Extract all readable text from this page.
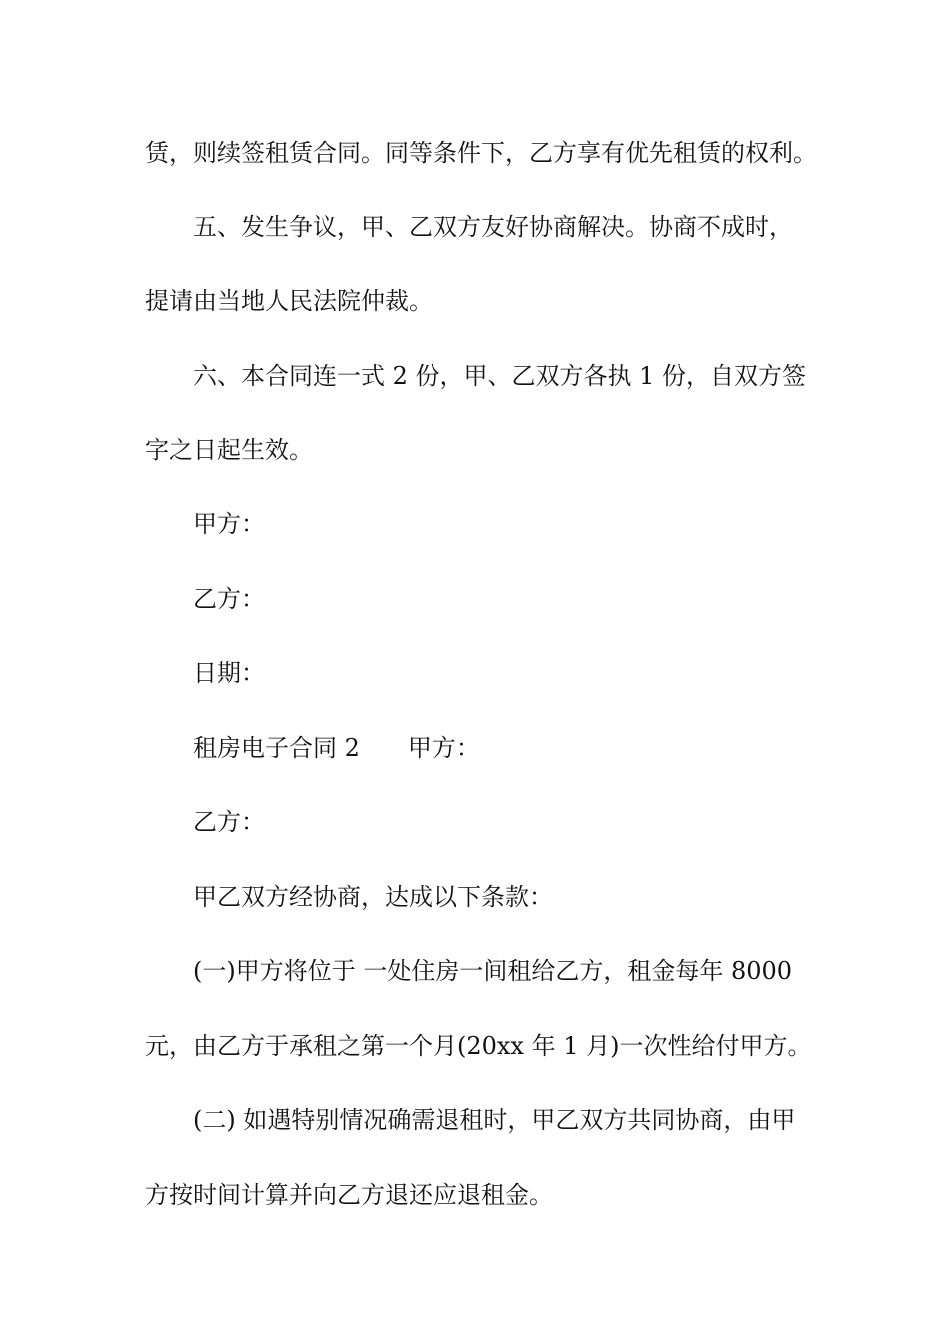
赁，则续签租赁合同。同等条件下，乙方享有优先租赁的权利。
五、发生争议，甲、乙双方友好协商解决。协商不成时，
提请由当地人民法院仲裁。
六、本合同连一式 2 份，甲、乙双方各执 1 份，自双方签
字之日起生效。
甲方：
乙方：
日期：
租房电子合同 2 甲方：
乙方：
甲乙双方经协商，达成以下条款：
(一)甲方将位于 一处住房一间租给乙方，租金每年 8000
元，由乙方于承租之第一个月(20xx 年 1 月)一次性给付甲方。
(二) 如遇特别情况确需退租时，甲乙双方共同协商，由甲
方按时间计算并向乙方退还应退租金。
